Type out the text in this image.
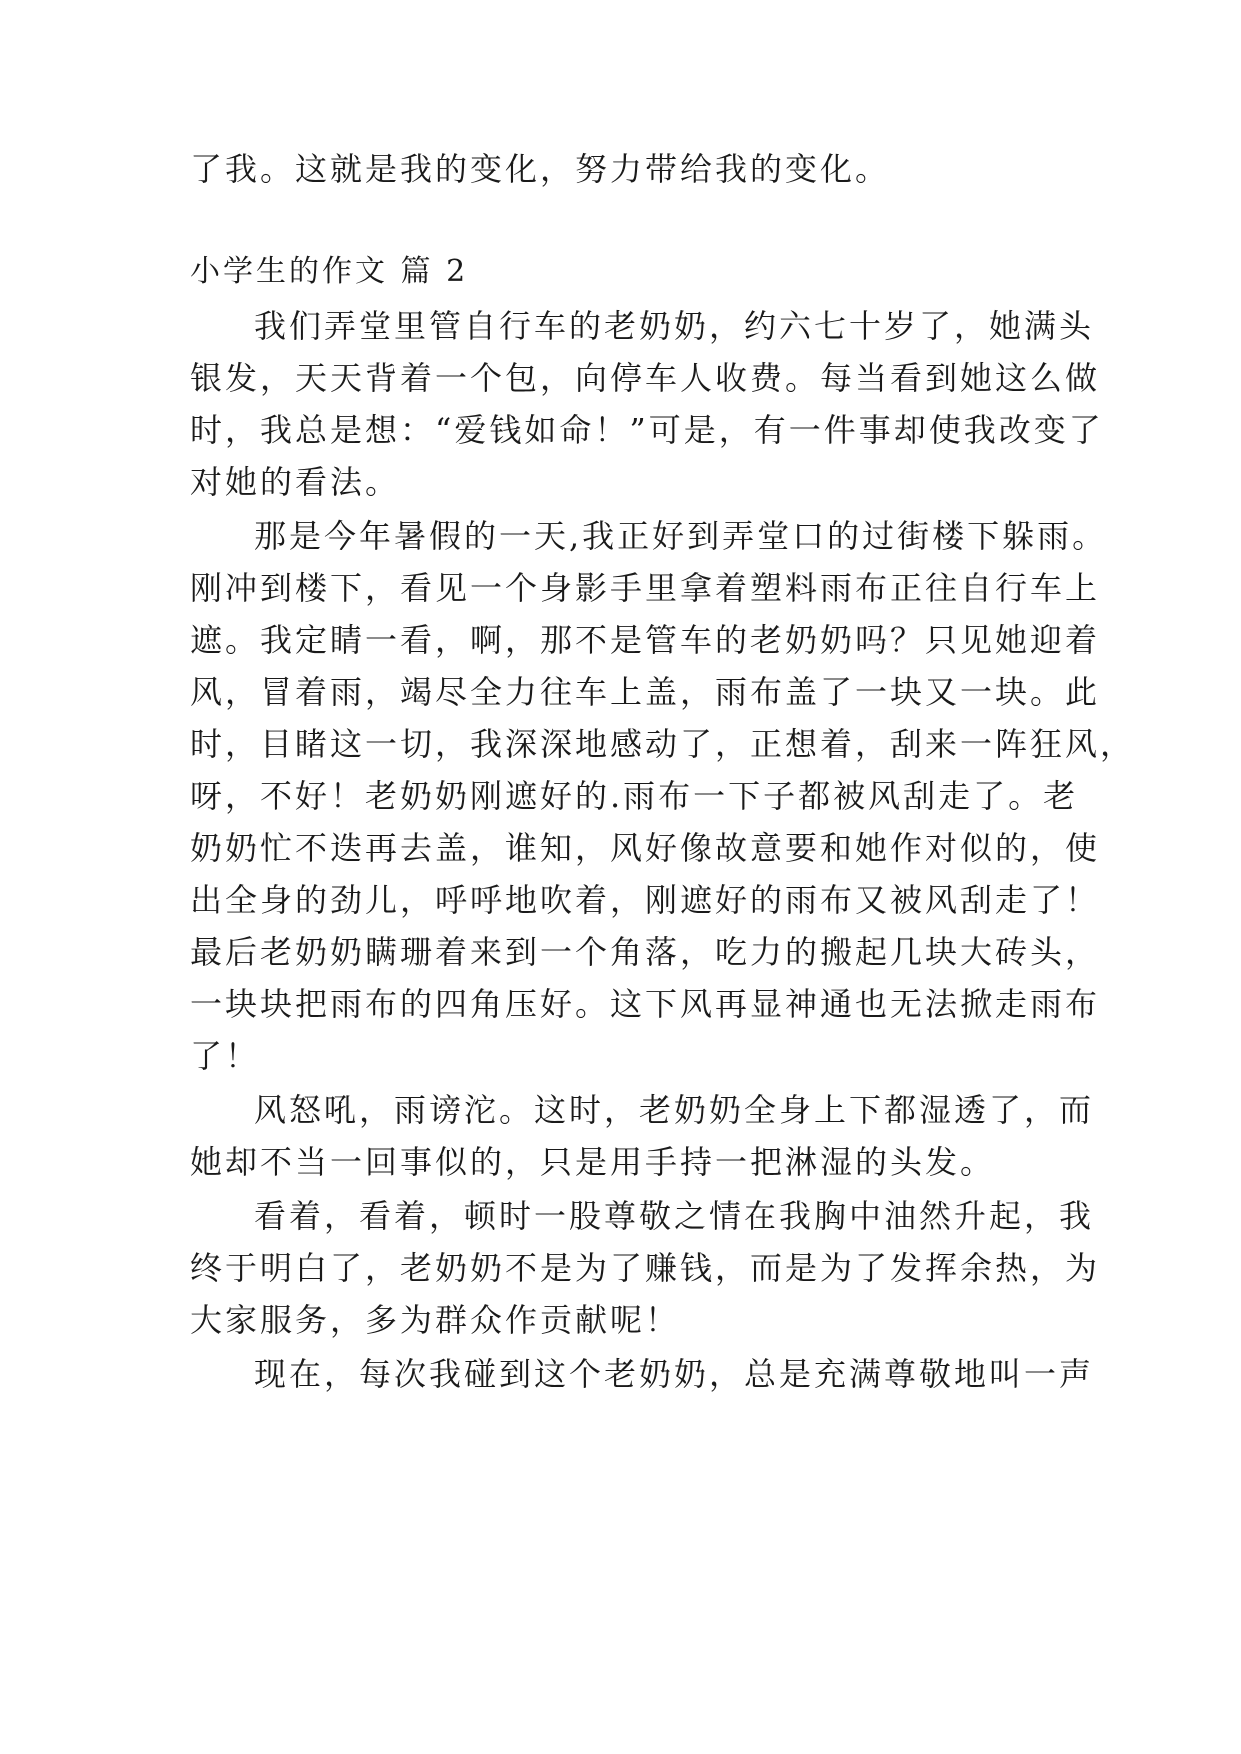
了我。这就是我的变化，努力带给我的变化。
小学生的作文 篇 2
我们弄堂里管自行车的老奶奶，约六七十岁了，她满头
银发，天天背着一个包，向停车人收费。每当看到她这么做
时，我总是想：“爱钱如命！”可是，有一件事却使我改变了
对她的看法。
那是今年暑假的一天,我正好到弄堂口的过街楼下躲雨。
刚冲到楼下，看见一个身影手里拿着塑料雨布正往自行车上
遮。我定睛一看，啊，那不是管车的老奶奶吗？只见她迎着
风，冒着雨，竭尽全力往车上盖，雨布盖了一块又一块。此
时，目睹这一切，我深深地感动了，正想着，刮来一阵狂风，
呀，不好！老奶奶刚遮好的.雨布一下子都被风刮走了。老
奶奶忙不迭再去盖，谁知，风好像故意要和她作对似的，使
出全身的劲儿，呼呼地吹着，刚遮好的雨布又被风刮走了！
最后老奶奶瞒珊着来到一个角落，吃力的搬起几块大砖头，
一块块把雨布的四角压好。这下风再显神通也无法掀走雨布
了！
风怒吼，雨谤沱。这时，老奶奶全身上下都湿透了，而
她却不当一回事似的，只是用手持一把淋湿的头发。
看着，看着，顿时一股尊敬之情在我胸中油然升起，我
终于明白了，老奶奶不是为了赚钱，而是为了发挥余热，为
大家服务，多为群众作贡献呢！
现在，每次我碰到这个老奶奶，总是充满尊敬地叫一声
